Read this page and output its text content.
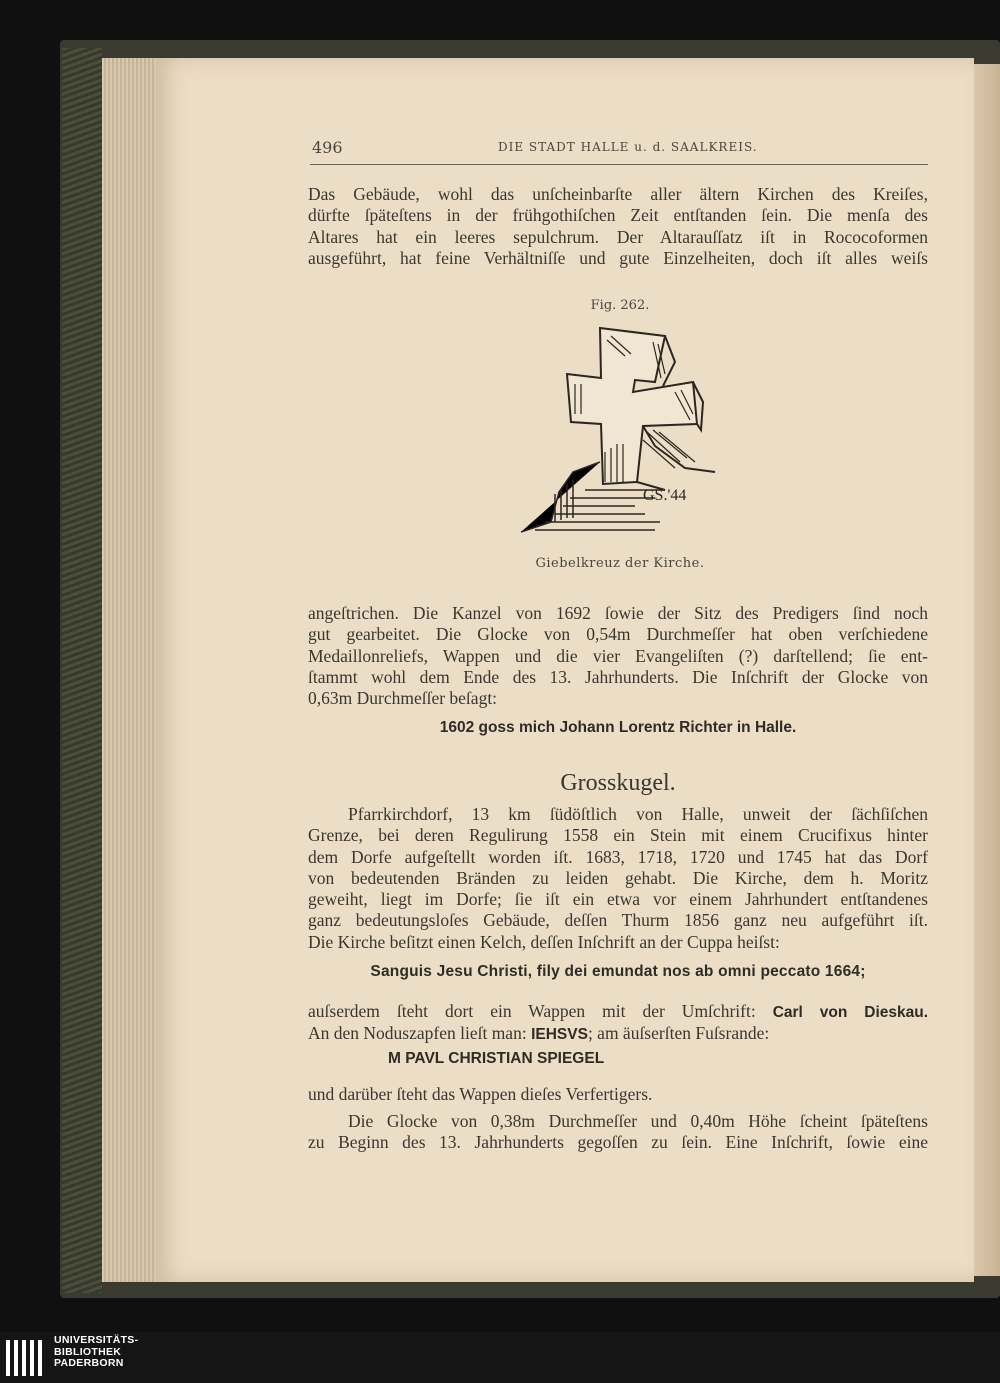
496	DIE STADT HALLE u. d. SAALKREIS.
Das Gebäude, wohl das unſcheinbarſte aller ältern Kirchen des Kreiſes,
dürfte ſpäteſtens in der frühgothiſchen Zeit entſtanden ſein. Die menſa des
Altares hat ein leeres sepulchrum. Der Altarauſſatz iſt in Rococoformen
ausgeführt, hat feine Verhältniſſe und gute Einzelheiten, doch iſt alles weiſs
Fig. 262.
GS.'44
Giebelkreuz der Kirche.
angeſtrichen. Die Kanzel von 1692 ſowie der Sitz des Predigers ſind noch
gut gearbeitet. Die Glocke von 0,54m Durchmeſſer hat oben verſchiedene
Medaillonreliefs, Wappen und die vier Evangeliſten (?) darſtellend; ſie ent-
ſtammt wohl dem Ende des 13. Jahrhunderts. Die Inſchrift der Glocke von
0,63m Durchmeſſer beſagt:
1602 goss mich Johann Lorentz Richter in Halle.
Grosskugel.
Pfarrkirchdorf, 13 km ſüdöſtlich von Halle, unweit der ſächſiſchen
Grenze, bei deren Regulirung 1558 ein Stein mit einem Crucifixus hinter
dem Dorfe aufgeſtellt worden iſt. 1683, 1718, 1720 und 1745 hat das Dorf
von bedeutenden Bränden zu leiden gehabt. Die Kirche, dem h. Moritz
geweiht, liegt im Dorfe; ſie iſt ein etwa vor einem Jahrhundert entſtandenes
ganz bedeutungsloſes Gebäude, deſſen Thurm 1856 ganz neu aufgeführt iſt.
Die Kirche beſitzt einen Kelch, deſſen Inſchrift an der Cuppa heiſst:
Sanguis Jesu Christi, fily dei emundat nos ab omni peccato 1664;
auſserdem ſteht dort ein Wappen mit der Umſchrift: Carl von Dieskau.
An den Noduszapfen lieſt man: IEHSVS; am äuſserſten Fuſsrande:
M PAVL CHRISTIAN SPIEGEL
und darüber ſteht das Wappen dieſes Verfertigers.
Die Glocke von 0,38m Durchmeſſer und 0,40m Höhe ſcheint ſpäteſtens
zu Beginn des 13. Jahrhunderts gegoſſen zu ſein. Eine Inſchrift, ſowie eine
UNIVERSITÄTS-
BIBLIOTHEK
PADERBORN
